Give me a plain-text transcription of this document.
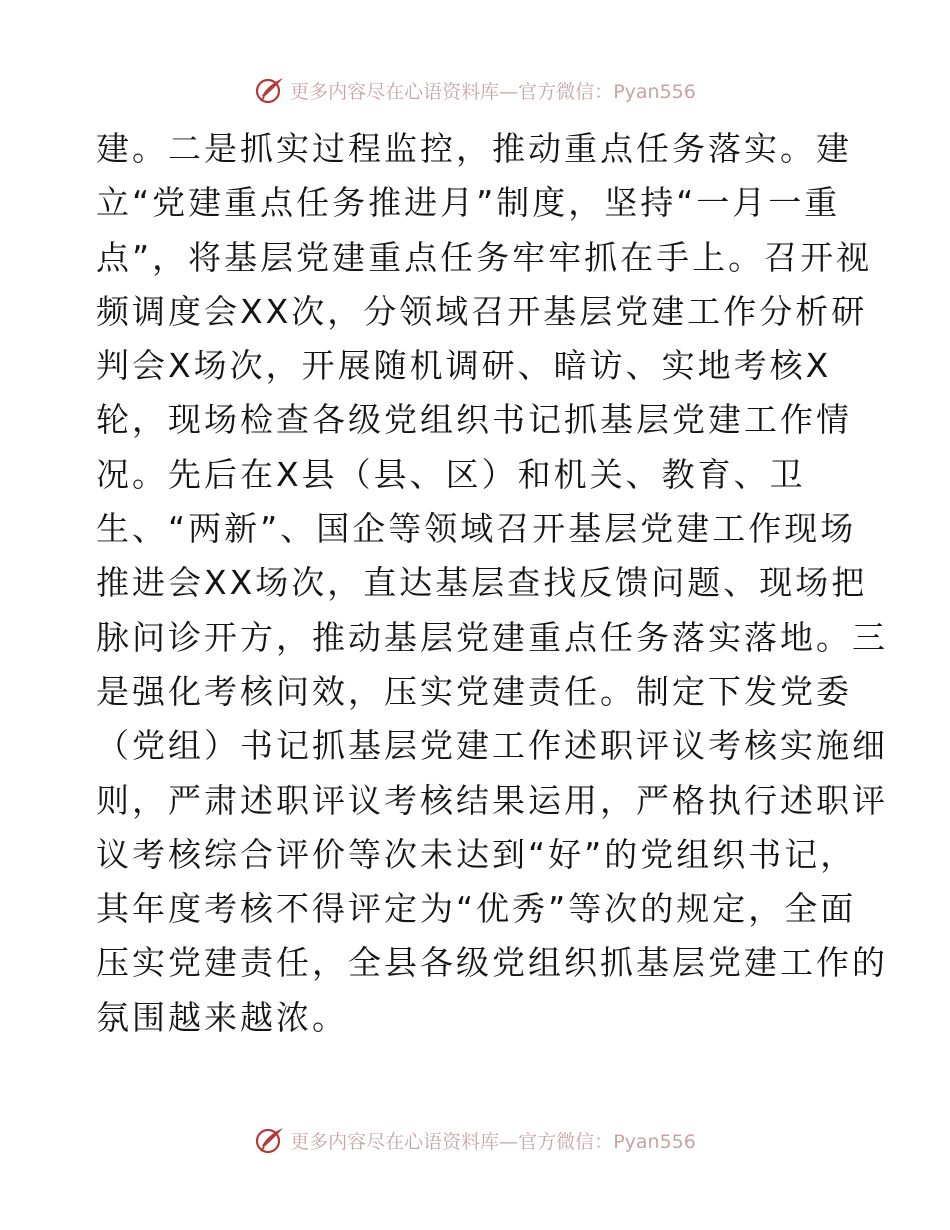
更多内容尽在心语资料库—官方微信：Pyan556
建。二是抓实过程监控，推动重点任务落实。建
立“党建重点任务推进月”制度，坚持“一月一重
点”，将基层党建重点任务牢牢抓在手上。召开视
频调度会XX次，分领域召开基层党建工作分析研
判会X场次，开展随机调研、暗访、实地考核X
轮，现场检查各级党组织书记抓基层党建工作情
况。先后在X县（县、区）和机关、教育、卫
生、“两新”、国企等领域召开基层党建工作现场
推进会XX场次，直达基层查找反馈问题、现场把
脉问诊开方，推动基层党建重点任务落实落地。三
是强化考核问效，压实党建责任。制定下发党委
（党组）书记抓基层党建工作述职评议考核实施细
则，严肃述职评议考核结果运用，严格执行述职评
议考核综合评价等次未达到“好”的党组织书记，
其年度考核不得评定为“优秀”等次的规定，全面
压实党建责任，全县各级党组织抓基层党建工作的
氛围越来越浓。
更多内容尽在心语资料库—官方微信：Pyan556
